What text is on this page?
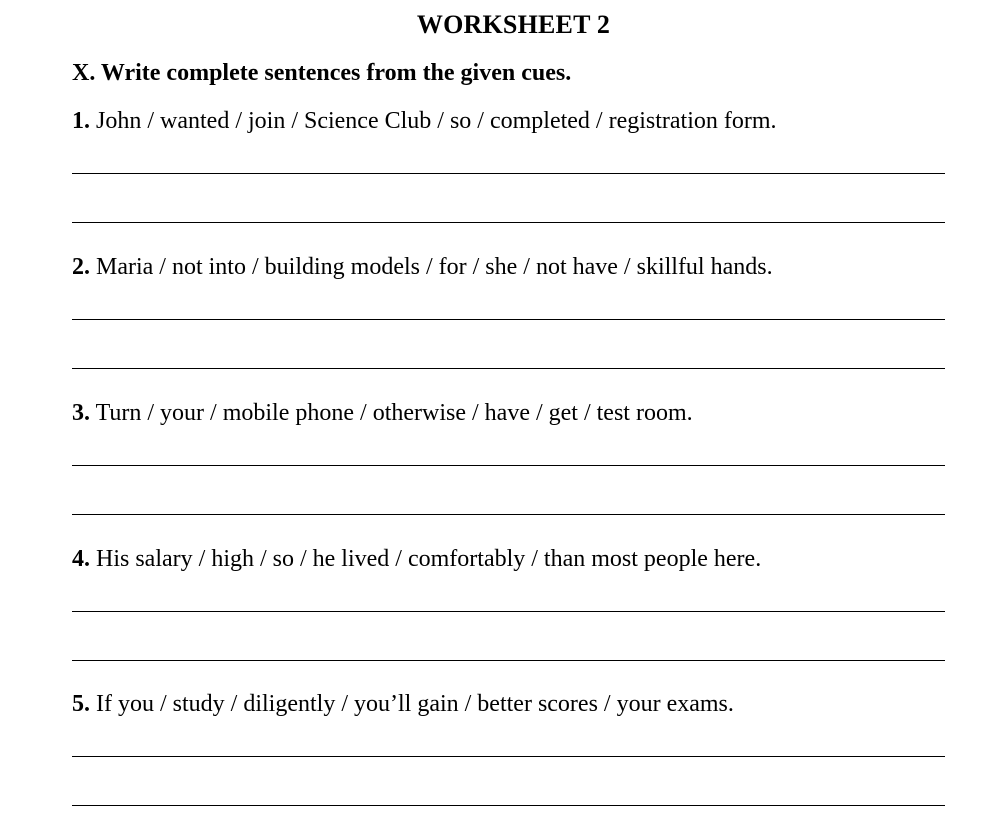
WORKSHEET 2
X. Write complete sentences from the given cues.
1. John / wanted / join / Science Club / so / completed / registration form.
2. Maria / not into / building models / for / she / not have / skillful hands.
3. Turn / your / mobile phone / otherwise / have / get / test room.
4. His salary / high / so / he lived / comfortably / than most people here.
5. If you / study / diligently / you’ll gain / better scores / your exams.
